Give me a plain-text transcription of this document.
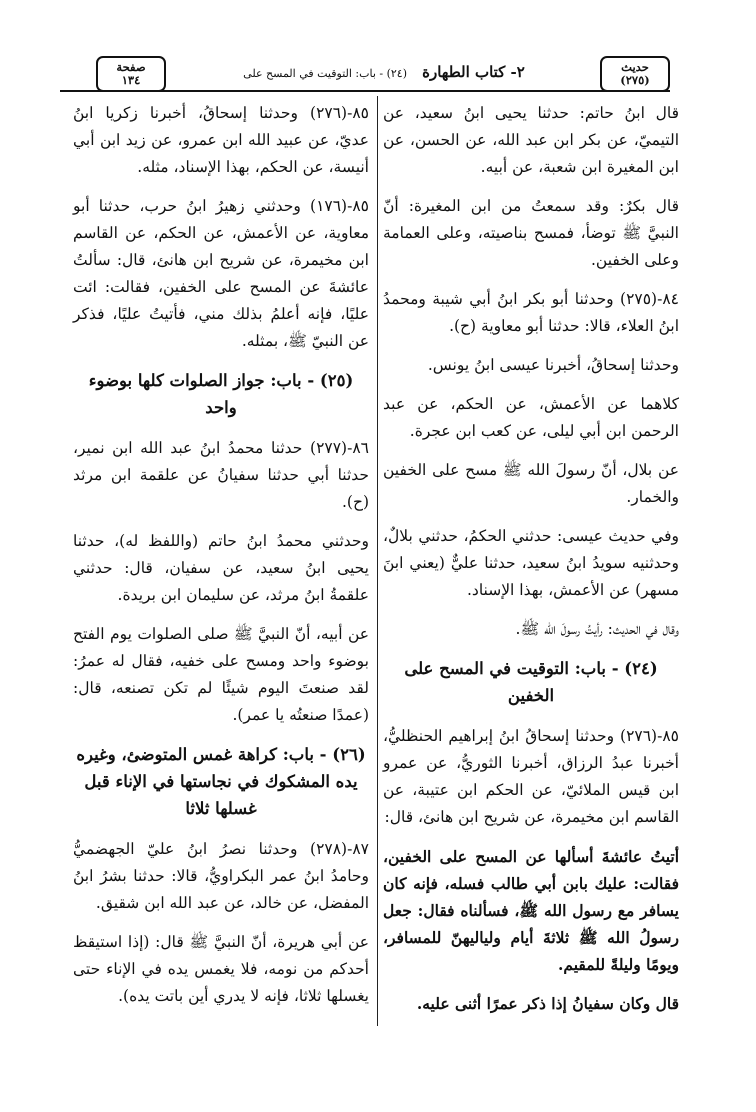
حديث
(٢٧٥)
٢- كتاب الطهارة (٢٤) - باب: التوقيت في المسح على
صفحة
١٣٤

قال ابنُ حاتم: حدثنا يحيى ابنُ سعيد، عن التيميّ، عن بكر ابن عبد الله، عن الحسن، عن ابن المغيرة ابن شعبة، عن أبيه.

قال بكرٌ: وقد سمعتُ من ابن المغيرة: أنّ النبيَّ ﷺ توضأ، فمسح بناصيته، وعلى العمامة وعلى الخفين.

٨٤-(٢٧٥) وحدثنا أبو بكر ابنُ أبي شيبة ومحمدُ ابنُ العلاء، قالا: حدثنا أبو معاوية (ح).

وحدثنا إسحاقُ، أخبرنا عيسى ابنُ يونس.

كلاهما عن الأعمش، عن الحكم، عن عبد الرحمن ابن أبي ليلى، عن كعب ابن عجرة.

عن بلال، أنّ رسولَ الله ﷺ مسح على الخفين والخمار.

وفي حديث عيسى: حدثني الحكمُ، حدثني بلالٌ، وحدثنيه سويدُ ابنُ سعيد، حدثنا عليٌّ (يعني ابنَ مسهر) عن الأعمش، بهذا الإسناد.

وقال في الحديث: رأيتُ رسولَ الله ﷺ.

(٢٤) - باب: التوقيت في المسح على الخفين

٨٥-(٢٧٦) وحدثنا إسحاقُ ابنُ إبراهيم الحنظليُّ، أخبرنا عبدُ الرزاق، أخبرنا الثوريُّ، عن عمرو ابن قيس الملائيّ، عن الحكم ابن عتيبة، عن القاسم ابن مخيمرة، عن شريح ابن هانئ، قال:

أتيتُ عائشةَ أسألها عن المسح على الخفين، فقالت: عليك بابن أبي طالب فسله، فإنه كان يسافر مع رسول الله ﷺ، فسألناه فقال: جعل رسولُ الله ﷺ ثلاثةَ أيام ولياليهنّ للمسافر، ويومًا وليلةً للمقيم.

قال وكان سفيانُ إذا ذكر عمرًا أثنى عليه.

٨٥-(٢٧٦) وحدثنا إسحاقُ، أخبرنا زكريا ابنُ عديّ، عن عبيد الله ابن عمرو، عن زيد ابن أبي أنيسة، عن الحكم، بهذا الإسناد، مثله.

٨٥-(١٧٦) وحدثني زهيرُ ابنُ حرب، حدثنا أبو معاوية، عن الأعمش، عن الحكم، عن القاسم ابن مخيمرة، عن شريح ابن هانئ، قال: سألتُ عائشةَ عن المسح على الخفين، فقالت: ائت عليًا، فإنه أعلمُ بذلك مني، فأتيتُ عليًا، فذكر عن النبيّ ﷺ، بمثله.

(٢٥) - باب: جواز الصلوات كلها بوضوء واحد

٨٦-(٢٧٧) حدثنا محمدُ ابنُ عبد الله ابن نمير، حدثنا أبي حدثنا سفيانُ عن علقمة ابن مرثد (ح).

وحدثني محمدُ ابنُ حاتم (واللفظ له)، حدثنا يحيى ابنُ سعيد، عن سفيان، قال: حدثني علقمةُ ابنُ مرثد، عن سليمان ابن بريدة.

عن أبيه، أنّ النبيَّ ﷺ صلى الصلوات يوم الفتح بوضوء واحد ومسح على خفيه، فقال له عمرُ: لقد صنعتَ اليوم شيئًا لم تكن تصنعه، قال: (عمدًا صنعتُه يا عمر).

(٢٦) - باب: كراهة غمس المتوضئ، وغيره يده المشكوك في نجاستها في الإناء قبل غسلها ثلاثا

٨٧-(٢٧٨) وحدثنا نصرُ ابنُ عليّ الجهضميُّ وحامدُ ابنُ عمر البكراويُّ، قالا: حدثنا بشرُ ابنُ المفضل، عن خالد، عن عبد الله ابن شقيق.

عن أبي هريرة، أنّ النبيَّ ﷺ قال: (إذا استيقظ أحدكم من نومه، فلا يغمس يده في الإناء حتى يغسلها ثلاثا، فإنه لا يدري أين باتت يده).
